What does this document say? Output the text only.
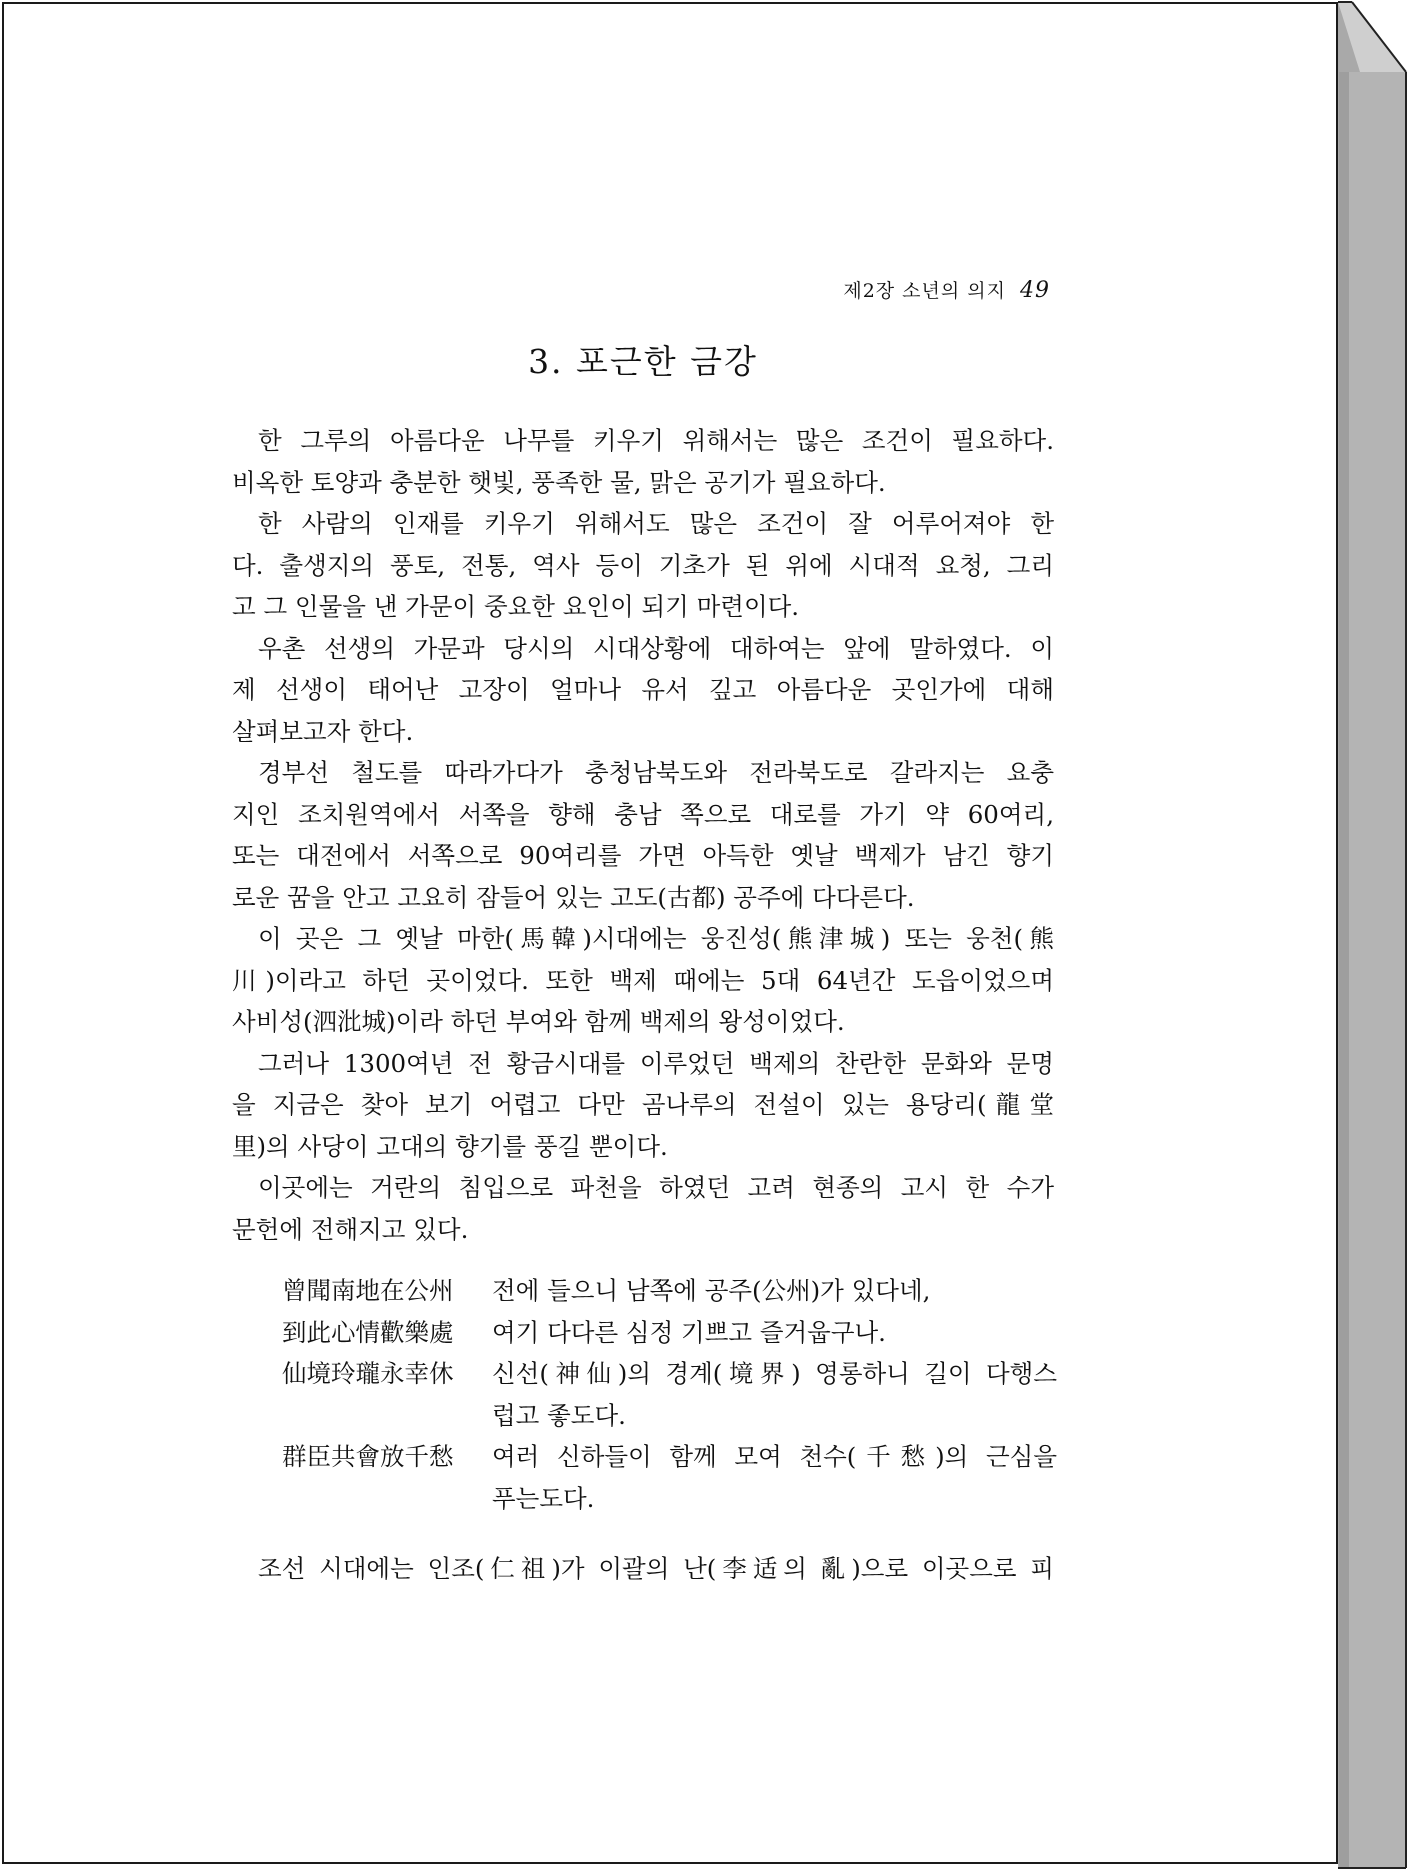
제2장 소년의 의지 49
3. 포근한 금강
한 그루의 아름다운 나무를 키우기 위해서는 많은 조건이 필요하다.
비옥한 토양과 충분한 햇빛, 풍족한 물, 맑은 공기가 필요하다.
한 사람의 인재를 키우기 위해서도 많은 조건이 잘 어루어져야 한
다. 출생지의 풍토, 전통, 역사 등이 기초가 된 위에 시대적 요청, 그리
고 그 인물을 낸 가문이 중요한 요인이 되기 마련이다.
우촌 선생의 가문과 당시의 시대상황에 대하여는 앞에 말하였다. 이
제 선생이 태어난 고장이 얼마나 유서 깊고 아름다운 곳인가에 대해
살펴보고자 한다.
경부선 철도를 따라가다가 충청남북도와 전라북도로 갈라지는 요충
지인 조치원역에서 서쪽을 향해 충남 쪽으로 대로를 가기 약 60여리,
또는 대전에서 서쪽으로 90여리를 가면 아득한 옛날 백제가 남긴 향기
로운 꿈을 안고 고요히 잠들어 있는 고도(古都) 공주에 다다른다.
이 곳은 그 옛날 마한(馬韓)시대에는 웅진성(熊津城) 또는 웅천(熊
川)이라고 하던 곳이었다. 또한 백제 때에는 5대 64년간 도읍이었으며
사비성(泗沘城)이라 하던 부여와 함께 백제의 왕성이었다.
그러나 1300여년 전 황금시대를 이루었던 백제의 찬란한 문화와 문명
을 지금은 찾아 보기 어렵고 다만 곰나루의 전설이 있는 용당리(龍堂
里)의 사당이 고대의 향기를 풍길 뿐이다.
이곳에는 거란의 침입으로 파천을 하였던 고려 현종의 고시 한 수가
문헌에 전해지고 있다.
曾聞南地在公州	전에 들으니 남쪽에 공주(公州)가 있다네,
到此心情歡樂處	여기 다다른 심정 기쁘고 즐거웁구나.
仙境玲瓏永幸休	신선(神仙)의 경계(境界) 영롱하니 길이 다행스
럽고 좋도다.
群臣共會放千愁	여러 신하들이 함께 모여 천수(千愁)의 근심을
푸는도다.
조선 시대에는 인조(仁祖)가 이괄의 난(李适의 亂)으로 이곳으로 피
